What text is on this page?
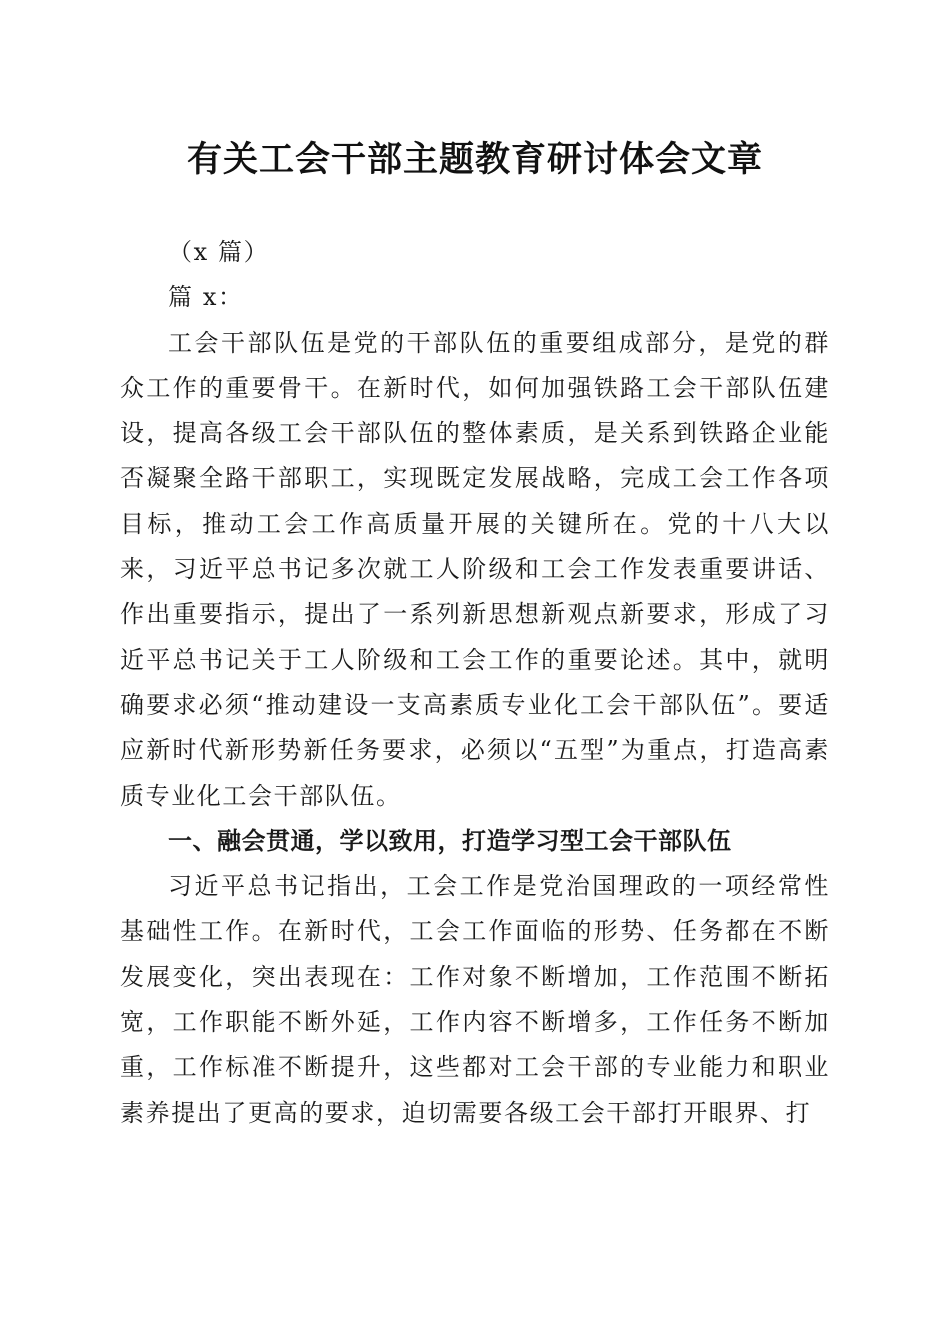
有关工会干部主题教育研讨体会文章

（x 篇）

篇 x：

工会干部队伍是党的干部队伍的重要组成部分，是党的群众工作的重要骨干。在新时代，如何加强铁路工会干部队伍建设，提高各级工会干部队伍的整体素质，是关系到铁路企业能否凝聚全路干部职工，实现既定发展战略，完成工会工作各项目标，推动工会工作高质量开展的关键所在。党的十八大以来，习近平总书记多次就工人阶级和工会工作发表重要讲话、作出重要指示，提出了一系列新思想新观点新要求，形成了习近平总书记关于工人阶级和工会工作的重要论述。其中，就明确要求必须“推动建设一支高素质专业化工会干部队伍”。要适应新时代新形势新任务要求，必须以“五型”为重点，打造高素质专业化工会干部队伍。

一、融会贯通，学以致用，打造学习型工会干部队伍

习近平总书记指出，工会工作是党治国理政的一项经常性基础性工作。在新时代，工会工作面临的形势、任务都在不断发展变化，突出表现在：工作对象不断增加，工作范围不断拓宽，工作职能不断外延，工作内容不断增多，工作任务不断加重，工作标准不断提升，这些都对工会干部的专业能力和职业素养提出了更高的要求，迫切需要各级工会干部打开眼界、打
